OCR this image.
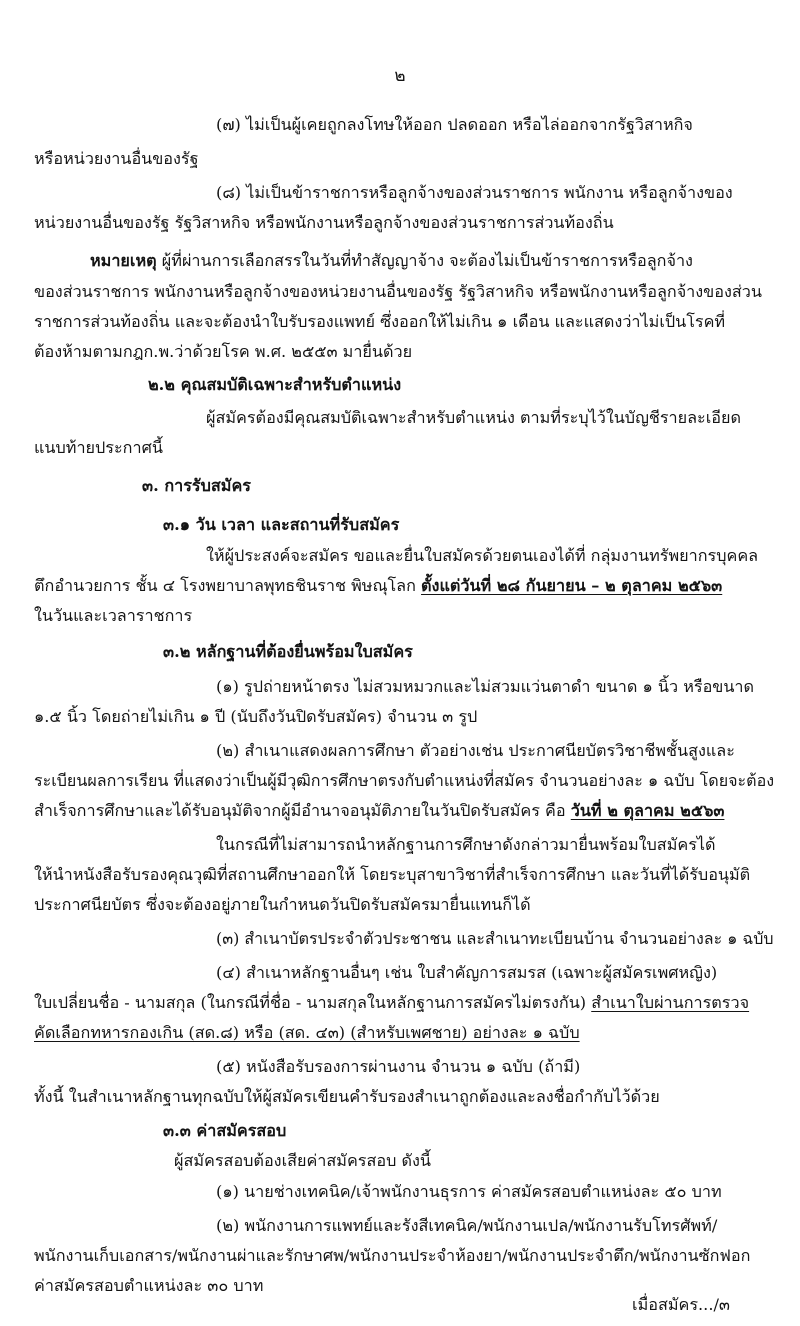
๒
(๗) ไม่เป็นผู้เคยถูกลงโทษให้ออก ปลดออก หรือไล่ออกจากรัฐวิสาหกิจ
หรือหน่วยงานอื่นของรัฐ
(๘) ไม่เป็นข้าราชการหรือลูกจ้างของส่วนราชการ พนักงาน หรือลูกจ้างของ
หน่วยงานอื่นของรัฐ รัฐวิสาหกิจ หรือพนักงานหรือลูกจ้างของส่วนราชการส่วนท้องถิ่น
หมายเหตุ ผู้ที่ผ่านการเลือกสรรในวันที่ทำสัญญาจ้าง จะต้องไม่เป็นข้าราชการหรือลูกจ้าง
ของส่วนราชการ พนักงานหรือลูกจ้างของหน่วยงานอื่นของรัฐ รัฐวิสาหกิจ หรือพนักงานหรือลูกจ้างของส่วน
ราชการส่วนท้องถิ่น และจะต้องนำใบรับรองแพทย์ ซึ่งออกให้ไม่เกิน ๑ เดือน และแสดงว่าไม่เป็นโรคที่
ต้องห้ามตามกฎก.พ.ว่าด้วยโรค พ.ศ. ๒๕๕๓ มายื่นด้วย
๒.๒ คุณสมบัติเฉพาะสำหรับตำแหน่ง
ผู้สมัครต้องมีคุณสมบัติเฉพาะสำหรับตำแหน่ง ตามที่ระบุไว้ในบัญชีรายละเอียด
แนบท้ายประกาศนี้
๓. การรับสมัคร
๓.๑ วัน เวลา และสถานที่รับสมัคร
ให้ผู้ประสงค์จะสมัคร ขอและยื่นใบสมัครด้วยตนเองได้ที่ กลุ่มงานทรัพยากรบุคคล
ตึกอำนวยการ ชั้น ๔ โรงพยาบาลพุทธชินราช พิษณุโลก ตั้งแต่วันที่ ๒๘ กันยายน – ๒ ตุลาคม ๒๕๖๓
ในวันและเวลาราชการ
๓.๒ หลักฐานที่ต้องยื่นพร้อมใบสมัคร
(๑) รูปถ่ายหน้าตรง ไม่สวมหมวกและไม่สวมแว่นตาดำ ขนาด ๑ นิ้ว หรือขนาด
๑.๕ นิ้ว โดยถ่ายไม่เกิน ๑ ปี (นับถึงวันปิดรับสมัคร) จำนวน ๓ รูป
(๒) สำเนาแสดงผลการศึกษา ตัวอย่างเช่น ประกาศนียบัตรวิชาชีพชั้นสูงและ
ระเบียนผลการเรียน ที่แสดงว่าเป็นผู้มีวุฒิการศึกษาตรงกับตำแหน่งที่สมัคร จำนวนอย่างละ ๑ ฉบับ โดยจะต้อง
สำเร็จการศึกษาและได้รับอนุมัติจากผู้มีอำนาจอนุมัติภายในวันปิดรับสมัคร คือ วันที่ ๒ ตุลาคม ๒๕๖๓
ในกรณีที่ไม่สามารถนำหลักฐานการศึกษาดังกล่าวมายื่นพร้อมใบสมัครได้
ให้นำหนังสือรับรองคุณวุฒิที่สถานศึกษาออกให้ โดยระบุสาขาวิชาที่สำเร็จการศึกษา และวันที่ได้รับอนุมัติ
ประกาศนียบัตร ซึ่งจะต้องอยู่ภายในกำหนดวันปิดรับสมัครมายื่นแทนก็ได้
(๓) สำเนาบัตรประจำตัวประชาชน และสำเนาทะเบียนบ้าน จำนวนอย่างละ ๑ ฉบับ
(๔) สำเนาหลักฐานอื่นๆ เช่น ใบสำคัญการสมรส (เฉพาะผู้สมัครเพศหญิง)
ใบเปลี่ยนชื่อ - นามสกุล (ในกรณีที่ชื่อ - นามสกุลในหลักฐานการสมัครไม่ตรงกัน) สำเนาใบผ่านการตรวจ
คัดเลือกทหารกองเกิน (สด.๘) หรือ (สด. ๔๓) (สำหรับเพศชาย) อย่างละ ๑ ฉบับ
(๕) หนังสือรับรองการผ่านงาน จำนวน ๑ ฉบับ (ถ้ามี)
ทั้งนี้ ในสำเนาหลักฐานทุกฉบับให้ผู้สมัครเขียนคำรับรองสำเนาถูกต้องและลงชื่อกำกับไว้ด้วย
๓.๓ ค่าสมัครสอบ
ผู้สมัครสอบต้องเสียค่าสมัครสอบ ดังนี้
(๑) นายช่างเทคนิค/เจ้าพนักงานธุรการ ค่าสมัครสอบตำแหน่งละ ๕๐ บาท
(๒) พนักงานการแพทย์และรังสีเทคนิค/พนักงานเปล/พนักงานรับโทรศัพท์/
พนักงานเก็บเอกสาร/พนักงานผ่าและรักษาศพ/พนักงานประจำห้องยา/พนักงานประจำตึก/พนักงานซักฟอก
ค่าสมัครสอบตำแหน่งละ ๓๐ บาท
เมื่อสมัคร.../๓
